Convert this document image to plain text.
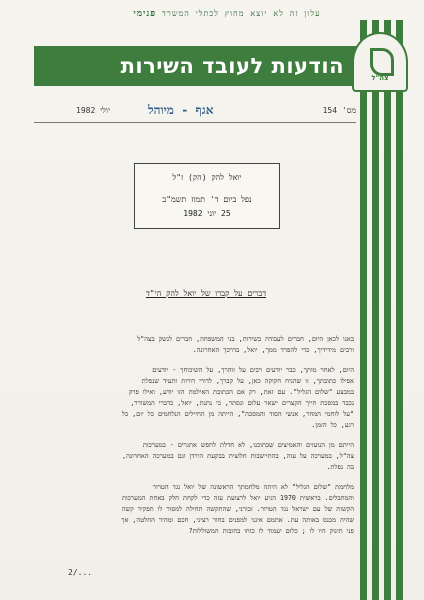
עלון זה לא יוצא מחוץ לכתלי המשרד פנימי
הודעות לעובד השירות	צה"ל
מס' 154
אגף - מיוהל
יולי 1982
יואל להק (הק) ז"ל
נפל ביום ד' תמוז תשמ"ב
25 יוני 1982
דברים על קברו של יואל להק הי"ד
באנו לכאן היום, חברים לעבודה בשירות, בני המשפחה, חברים לנשק בצה"ל
ורבים מידידיך, כדי להפרד ממך, יואל, בדרכך האחרונה.
היום, לאחר מותך, כבר יודעים רבים על זוהרך, על השיכוחך - יודעים
אפילו כתובתך, זו שהניח חקוקה כאן, על קברך, לדורי דורות ותעיד שנפלת
במבצע "שלום הגליל". עם זאת, רק אם הכתובת האילמת הזו יודע, ואילו פרק
נכבד במסכת חייך הקצרים ישאר עלום ונסתר, כי נתנת, יואל, כדברי המשורר,
"על לוחמי המחר, אנשי הסוד והמסכה", הייתה מן החיילים הנלחמים כל יום, כל
רגע, כל הזמן.
הייתם מן הנועזים והאמיצים שבתוכנו, לא חדלת לחפש אתגרים - במערכות
צה"ל, במערכה על עזה, בהתיישבות חלוצית בבקעת הירדן וגם במערכה האחרונה,
בה נפלת.
מלחמת "שלום הגליל" לא היתה מלחמתך הראשונה של יואל נגד הטרור
והמחבלים. בראשית 1970 הגיע יואל לרצועת עזה כדי לקחת חלק באחת המערכות
הקשות של עם ישראל נגד הטרור. זכורני, שהתקשה תחילה למסור לו תפקיד קשה
שהיה מכנס באותה עת. אתמם אינני למפנים בחור רציני, חכם ומהיר החלטה, אך
פני תינוק היו לו ; כלום יעמוד לו כוחו בחובות המשוללות?
2/...
